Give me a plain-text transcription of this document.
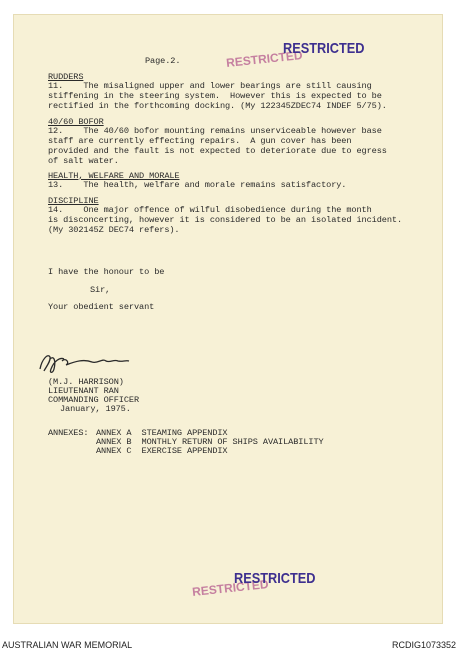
Page.2.	RESTRICTED
RESTRICTED
RUDDERS
11.    The misaligned upper and lower bearings are still causing
stiffening in the steering system.  However this is expected to be
rectified in the forthcoming docking. (My 122345ZDEC74 INDEF 5/75).
40/60 BOFOR
12.    The 40/60 bofor mounting remains unserviceable however base
staff are currently effecting repairs.  A gun cover has been
provided and the fault is not expected to deteriorate due to egress
of salt water.
HEALTH, WELFARE AND MORALE
13.    The health, welfare and morale remains satisfactory.
DISCIPLINE
14.    One major offence of wilful disobedience during the month
is disconcerting, however it is considered to be an isolated incident.
(My 302145Z DEC74 refers).
I have the honour to be
Sir,
Your obedient servant
(M.J. HARRISON)
LIEUTENANT RAN
COMMANDING OFFICER
January, 1975.
ANNEXES: ANNEX A  STEAMING APPENDIX
ANNEX B  MONTHLY RETURN OF SHIPS AVAILABILITY
ANNEX C  EXERCISE APPENDIX
RESTRICTED
RESTRICTED
AUSTRALIAN WAR MEMORIAL	RCDIG1073352
